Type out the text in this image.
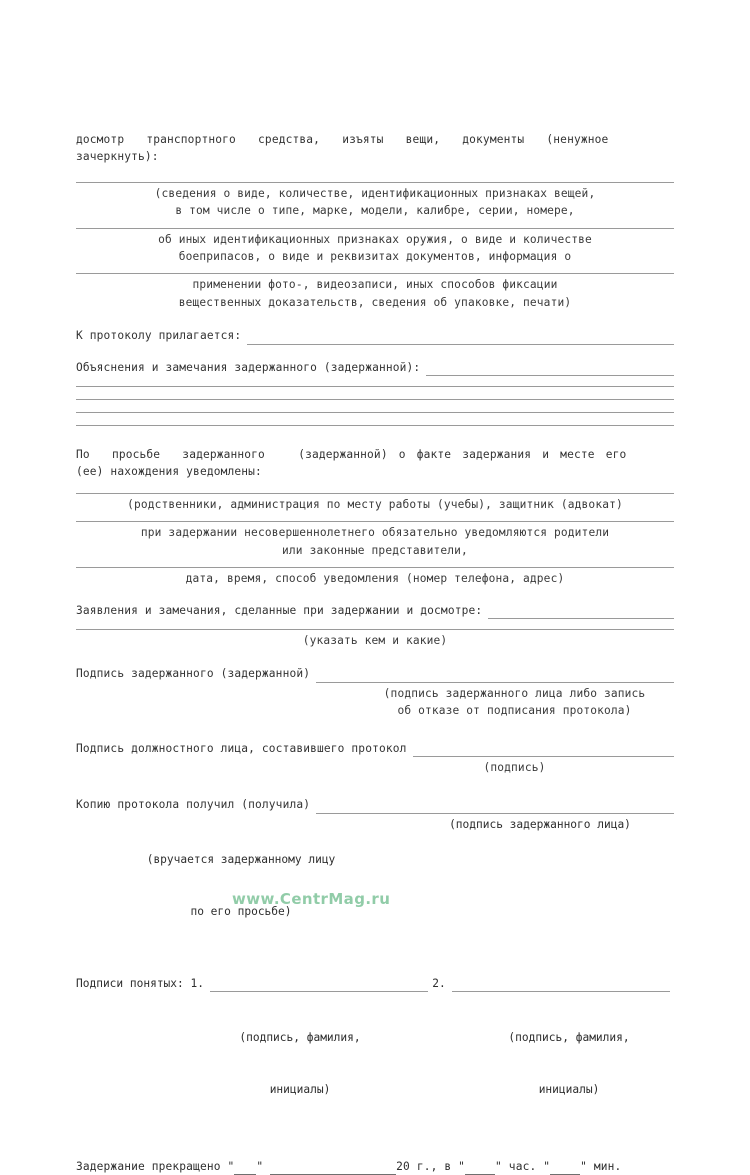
досмотр  транспортного  средства,  изъяты  вещи,  документы  (ненужное
зачеркнуть):
(сведения о виде, количестве, идентификационных признаках вещей,
в том числе о типе, марке, модели, калибре, серии, номере,
об иных идентификационных признаках оружия, о виде и количестве
боеприпасов, о виде и реквизитах документов, информация о
применении фото-, видеозаписи, иных способов фиксации
вещественных доказательств, сведения об упаковке, печати)
К протоколу прилагается:
Объяснения и замечания задержанного (задержанной):
По  просьбе  задержанного   (задержанной) о факте задержания и месте его
(ее) нахождения уведомлены:
(родственники, администрация по месту работы (учебы), защитник (адвокат)
при задержании несовершеннолетнего обязательно уведомляются родители
или законные представители,
дата, время, способ уведомления (номер телефона, адрес)
Заявления и замечания, сделанные при задержании и досмотре:
(указать кем и какие)
Подпись задержанного (задержанной)
(подпись задержанного лица либо запись
об отказе от подписания протокола)
Подпись должностного лица, составившего протокол
(подпись)
Копию протокола получил (получила)

(вручается задержанному лицу

по его просьбе)

(подпись задержанного лица)
Подписи понятых: 1.	2.

(подпись, фамилия,

инициалы)

(подпись, фамилия,

инициалы)

Задержание прекращено " "	20 г., в "	" час. "	" мин.
www.CentrMag.ru
